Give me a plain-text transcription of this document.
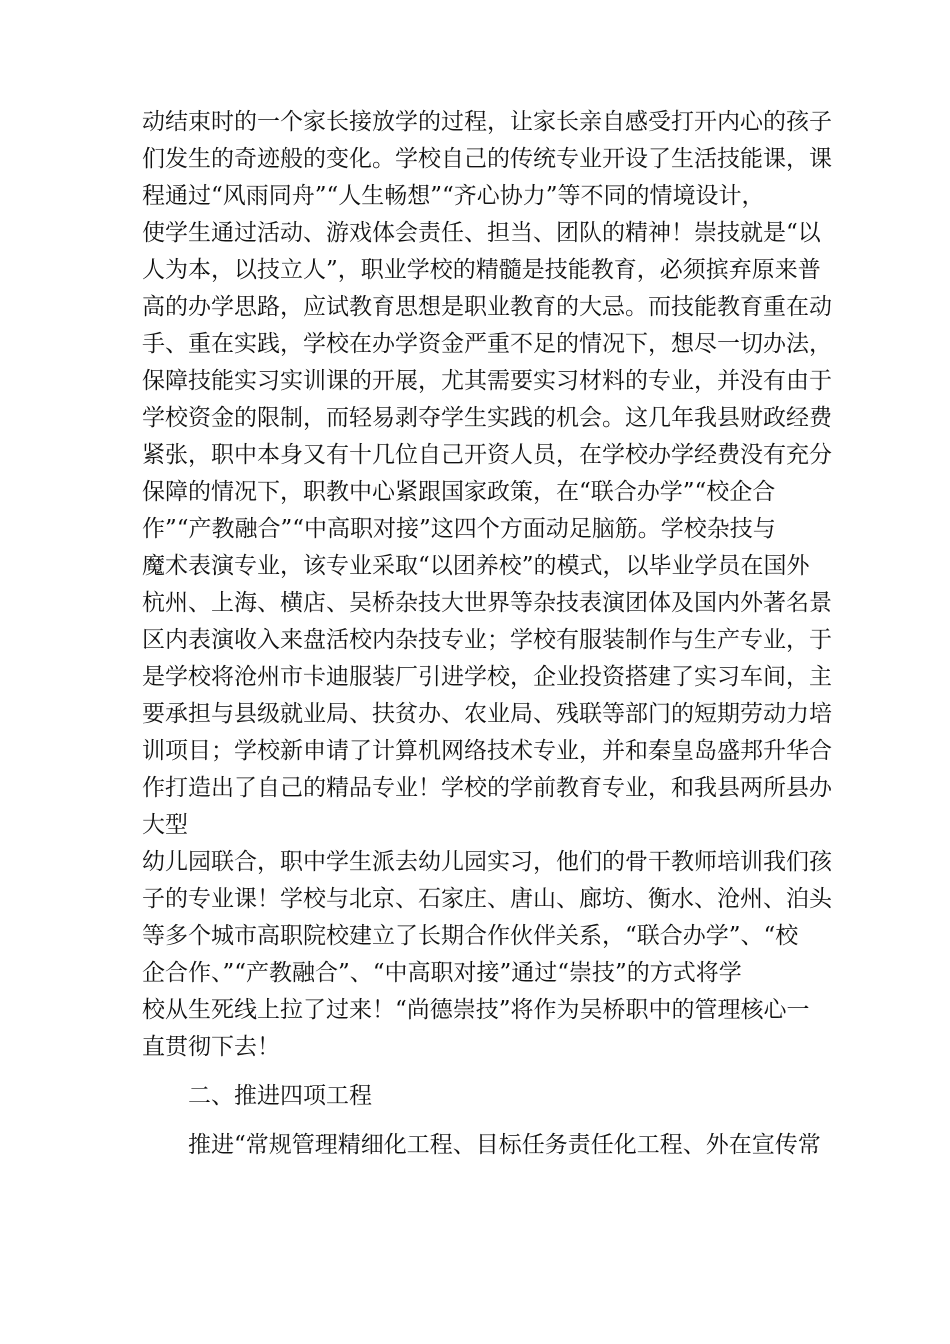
动结束时的一个家长接放学的过程，让家长亲自感受打开内心的孩子
们发生的奇迹般的变化。学校自己的传统专业开设了生活技能课，课
程通过“风雨同舟”“人生畅想”“齐心协力”等不同的情境设计，
使学生通过活动、游戏体会责任、担当、团队的精神！崇技就是“以
人为本，以技立人”，职业学校的精髓是技能教育，必须摈弃原来普
高的办学思路，应试教育思想是职业教育的大忌。而技能教育重在动
手、重在实践，学校在办学资金严重不足的情况下，想尽一切办法，
保障技能实习实训课的开展，尤其需要实习材料的专业，并没有由于
学校资金的限制，而轻易剥夺学生实践的机会。这几年我县财政经费
紧张，职中本身又有十几位自己开资人员，在学校办学经费没有充分
保障的情况下，职教中心紧跟国家政策，在“联合办学”“校企合
作”“产教融合”“中高职对接”这四个方面动足脑筋。学校杂技与
魔术表演专业，该专业采取“以团养校”的模式，以毕业学员在国外
杭州、上海、横店、吴桥杂技大世界等杂技表演团体及国内外著名景
区内表演收入来盘活校内杂技专业；学校有服装制作与生产专业，于
是学校将沧州市卡迪服装厂引进学校，企业投资搭建了实习车间，主
要承担与县级就业局、扶贫办、农业局、残联等部门的短期劳动力培
训项目；学校新申请了计算机网络技术专业，并和秦皇岛盛邦升华合
作打造出了自己的精品专业！学校的学前教育专业，和我县两所县办
大型
幼儿园联合，职中学生派去幼儿园实习，他们的骨干教师培训我们孩
子的专业课！学校与北京、石家庄、唐山、廊坊、衡水、沧州、泊头
等多个城市高职院校建立了长期合作伙伴关系，“联合办学”、“校
企合作、”“产教融合”、“中高职对接”通过“崇技”的方式将学
校从生死线上拉了过来！“尚德崇技”将作为吴桥职中的管理核心一
直贯彻下去！
二、推进四项工程
推进“常规管理精细化工程、目标任务责任化工程、外在宣传常
